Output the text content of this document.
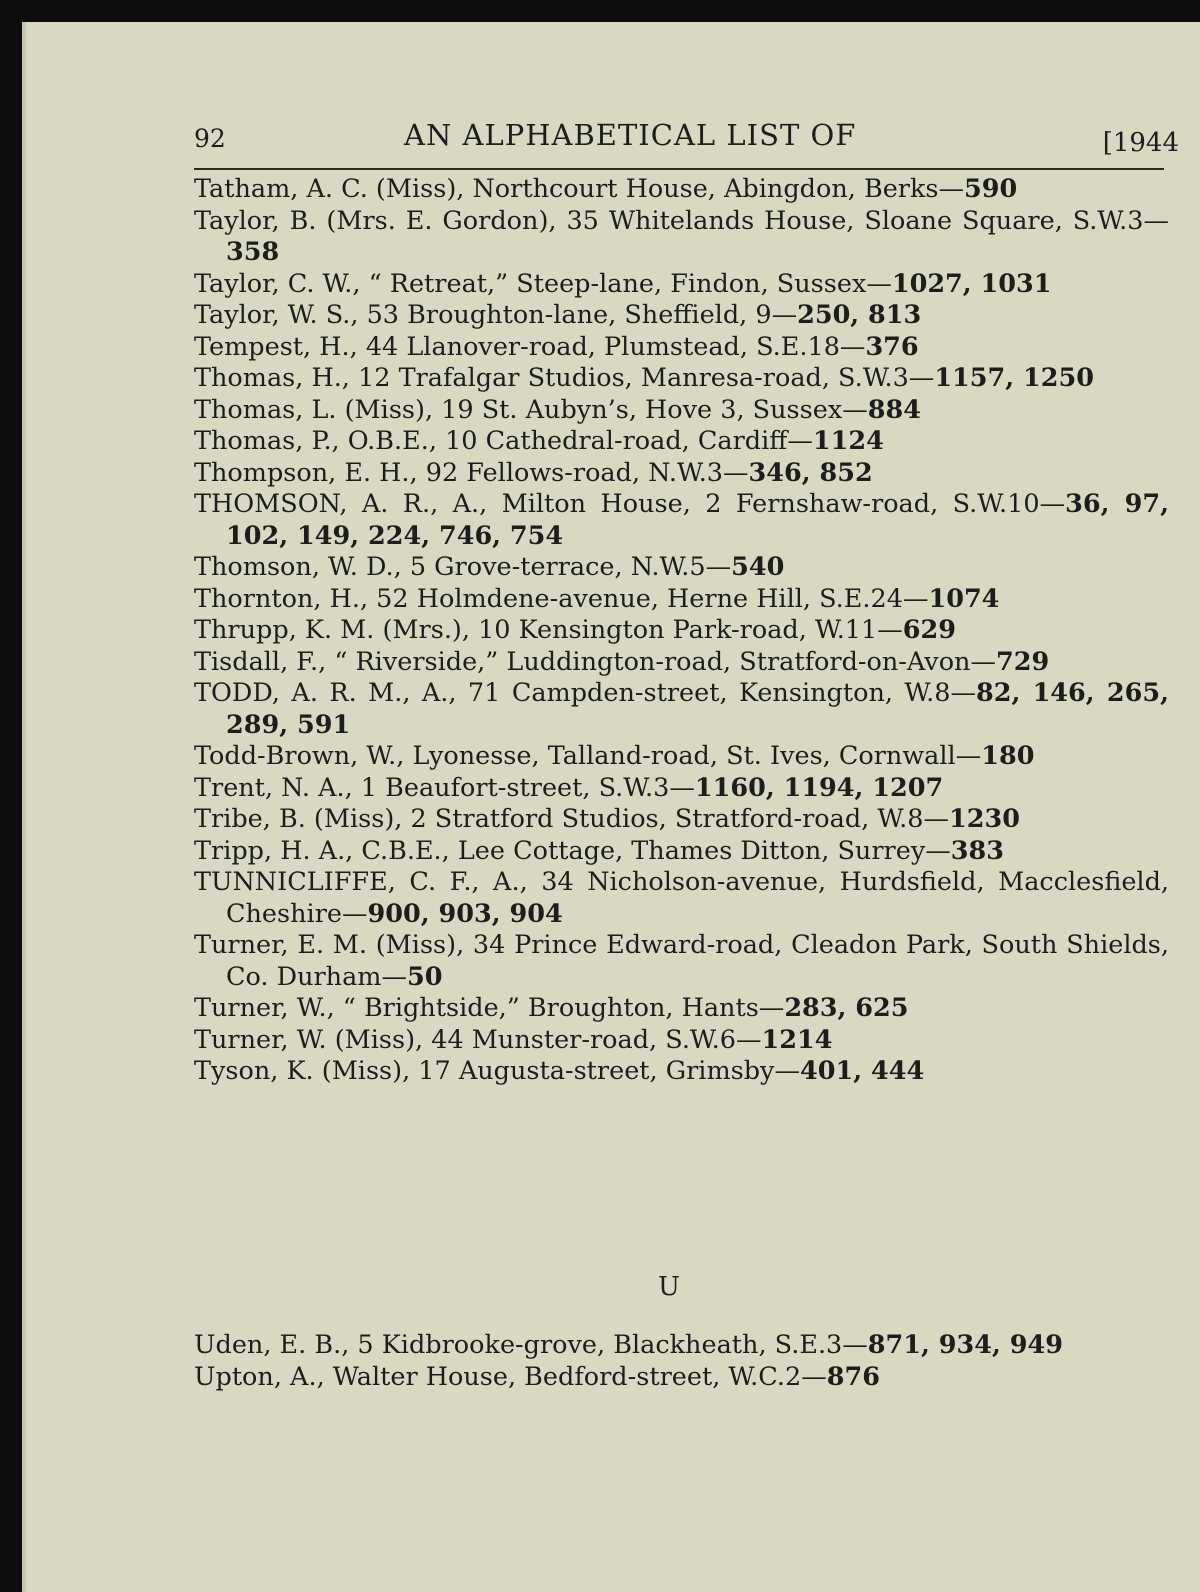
92	AN ALPHABETICAL LIST OF	[1944
Tatham, A. C. (Miss), Northcourt House, Abingdon, Berks—590
Taylor, B. (Mrs. E. Gordon), 35 Whitelands House, Sloane Square, S.W.3—358
Taylor, C. W., “ Retreat,” Steep-lane, Findon, Sussex—1027, 1031
Taylor, W. S., 53 Broughton-lane, Sheffield, 9—250, 813
Tempest, H., 44 Llanover-road, Plumstead, S.E.18—376
Thomas, H., 12 Trafalgar Studios, Manresa-road, S.W.3—1157, 1250
Thomas, L. (Miss), 19 St. Aubyn’s, Hove 3, Sussex—884
Thomas, P., O.B.E., 10 Cathedral-road, Cardiff—1124
Thompson, E. H., 92 Fellows-road, N.W.3—346, 852
THOMSON, A. R., A., Milton House, 2 Fernshaw-road, S.W.10—36, 97, 102, 149, 224, 746, 754
Thomson, W. D., 5 Grove-terrace, N.W.5—540
Thornton, H., 52 Holmdene-avenue, Herne Hill, S.E.24—1074
Thrupp, K. M. (Mrs.), 10 Kensington Park-road, W.11—629
Tisdall, F., “ Riverside,” Luddington-road, Stratford-on-Avon—729
TODD, A. R. M., A., 71 Campden-street, Kensington, W.8—82, 146, 265, 289, 591
Todd-Brown, W., Lyonesse, Talland-road, St. Ives, Cornwall—180
Trent, N. A., 1 Beaufort-street, S.W.3—1160, 1194, 1207
Tribe, B. (Miss), 2 Stratford Studios, Stratford-road, W.8—1230
Tripp, H. A., C.B.E., Lee Cottage, Thames Ditton, Surrey—383
TUNNICLIFFE, C. F., A., 34 Nicholson-avenue, Hurdsfield, Macclesfield, Cheshire—900, 903, 904
Turner, E. M. (Miss), 34 Prince Edward-road, Cleadon Park, South Shields, Co. Durham—50
Turner, W., “ Brightside,” Broughton, Hants—283, 625
Turner, W. (Miss), 44 Munster-road, S.W.6—1214
Tyson, K. (Miss), 17 Augusta-street, Grimsby—401, 444
U
Uden, E. B., 5 Kidbrooke-grove, Blackheath, S.E.3—871, 934, 949
Upton, A., Walter House, Bedford-street, W.C.2—876
